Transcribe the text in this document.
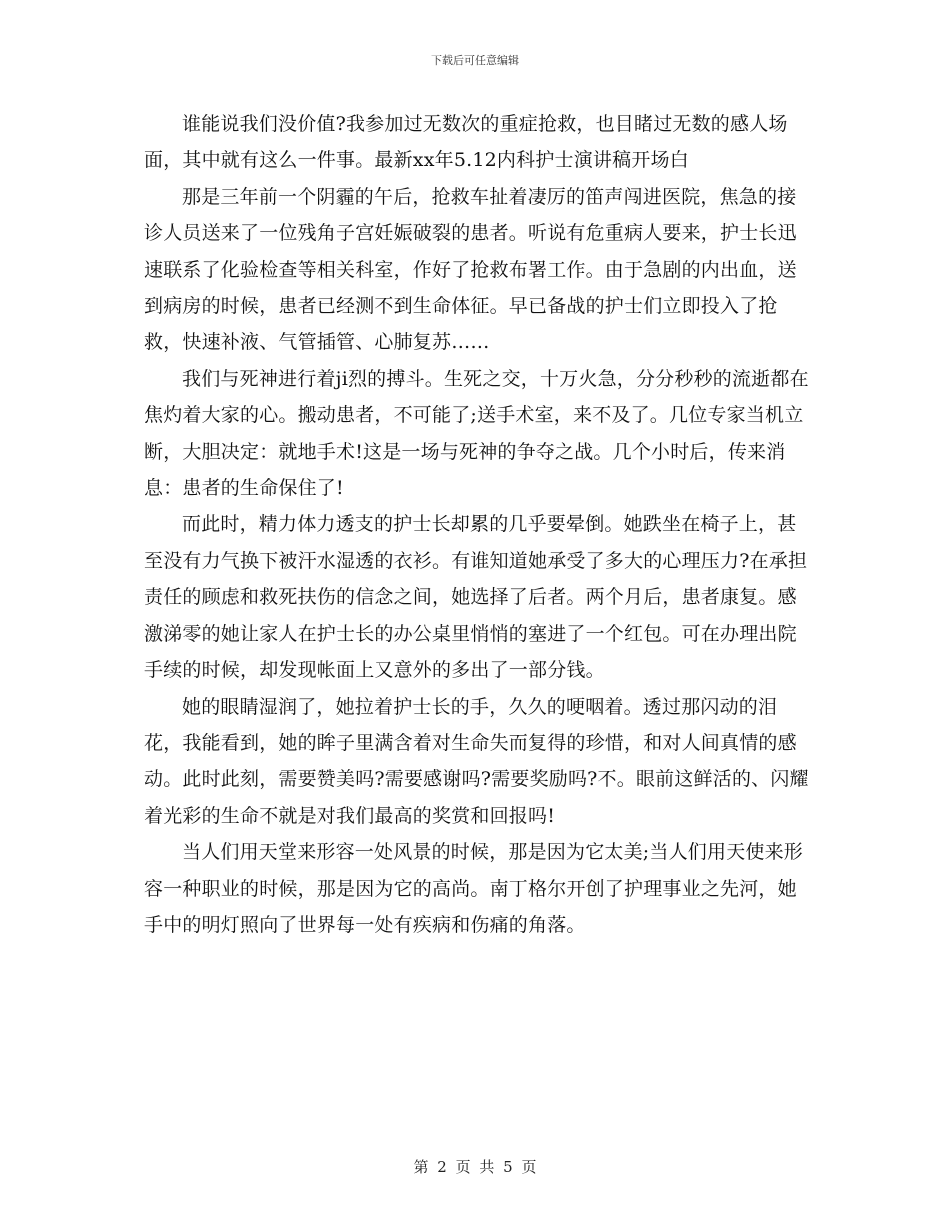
下载后可任意编辑

谁能说我们没价值?我参加过无数次的重症抢救，也目睹过无数的感人场面，其中就有这么一件事。最新xx年5.12内科护士演讲稿开场白

那是三年前一个阴霾的午后，抢救车扯着凄厉的笛声闯进医院，焦急的接诊人员送来了一位残角子宫妊娠破裂的患者。听说有危重病人要来，护士长迅速联系了化验检查等相关科室，作好了抢救布署工作。由于急剧的内出血，送到病房的时候，患者已经测不到生命体征。早已备战的护士们立即投入了抢救，快速补液、气管插管、心肺复苏……

我们与死神进行着ji烈的搏斗。生死之交，十万火急，分分秒秒的流逝都在焦灼着大家的心。搬动患者，不可能了;送手术室，来不及了。几位专家当机立断，大胆决定：就地手术!这是一场与死神的争夺之战。几个小时后，传来消息：患者的生命保住了!

而此时，精力体力透支的护士长却累的几乎要晕倒。她跌坐在椅子上，甚至没有力气换下被汗水湿透的衣衫。有谁知道她承受了多大的心理压力?在承担责任的顾虑和救死扶伤的信念之间，她选择了后者。两个月后，患者康复。感激涕零的她让家人在护士长的办公桌里悄悄的塞进了一个红包。可在办理出院手续的时候，却发现帐面上又意外的多出了一部分钱。

她的眼睛湿润了，她拉着护士长的手，久久的哽咽着。透过那闪动的泪花，我能看到，她的眸子里满含着对生命失而复得的珍惜，和对人间真情的感动。此时此刻，需要赞美吗?需要感谢吗?需要奖励吗?不。眼前这鲜活的、闪耀着光彩的生命不就是对我们最高的奖赏和回报吗!

当人们用天堂来形容一处风景的时候，那是因为它太美;当人们用天使来形容一种职业的时候，那是因为它的高尚。南丁格尔开创了护理事业之先河，她手中的明灯照向了世界每一处有疾病和伤痛的角落。

第 2 页 共 5 页
